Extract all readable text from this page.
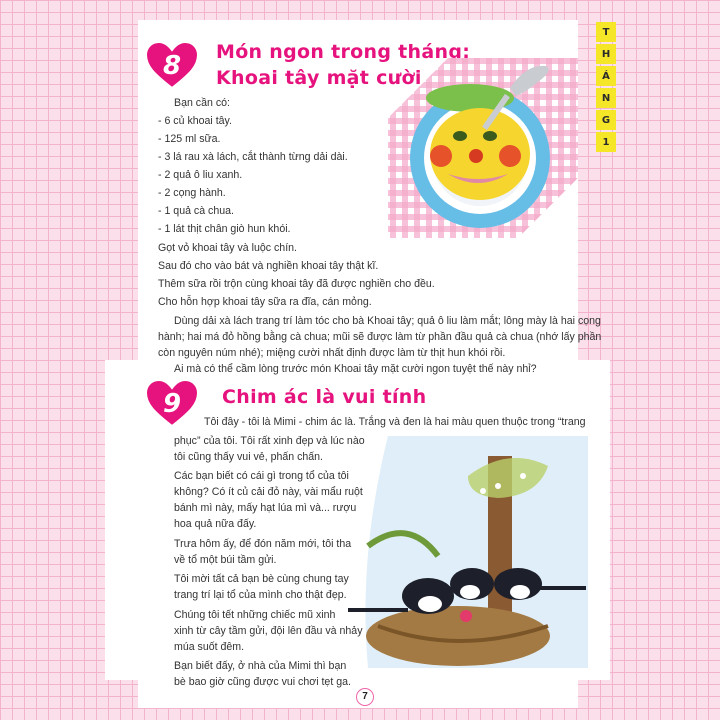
T
H
Á
N
G
1
8	Món ngon trong tháng:
Khoai tây mặt cười
Bạn cần có:
- 6 củ khoai tây.
- 125 ml sữa.
- 3 lá rau xà lách, cắt thành từng dải dài.
- 2 quả ô liu xanh.
- 2 cọng hành.
- 1 quả cà chua.
- 1 lát thịt chân giò hun khói.
Gọt vỏ khoai tây và luộc chín.
Sau đó cho vào bát và nghiền khoai tây thật kĩ.
Thêm sữa rồi trộn cùng khoai tây đã được nghiền cho đều.
Cho hỗn hợp khoai tây sữa ra đĩa, cán mỏng.
Dùng dải xà lách trang trí làm tóc cho bà Khoai tây; quả ô liu làm mắt; lông mày là hai cọng
hành; hai má đỏ hồng bằng cà chua; mũi sẽ được làm từ phần đầu quả cà chua (nhớ lấy phần
còn nguyên núm nhé); miệng cười nhất định được làm từ thịt hun khói rồi.
Ai mà có thể cầm lòng trước món Khoai tây mặt cười ngon tuyệt thế này nhỉ?
9	Chim ác là vui tính
Tôi đây - tôi là Mimi - chim ác là. Trắng và đen là hai màu quen thuộc trong “trang
phục” của tôi. Tôi rất xinh đẹp và lúc nào
tôi cũng thấy vui vẻ, phấn chấn.
Các bạn biết có cái gì trong tổ của tôi
không? Có ít củ cải đỏ này, vài mẩu ruột
bánh mì này, mấy hạt lúa mì và... rượu
hoa quả nữa đấy.
Trưa hôm ấy, để đón năm mới, tôi tha
về tổ một búi tầm gửi.
Tôi mời tất cả bạn bè cùng chung tay
trang trí lại tổ của mình cho thật đẹp.
Chúng tôi tết những chiếc mũ xinh
xinh từ cây tầm gửi, đội lên đầu và nhảy
múa suốt đêm.
Bạn biết đấy, ở nhà của Mimi thì bạn
bè bao giờ cũng được vui chơi tẹt ga.
7
